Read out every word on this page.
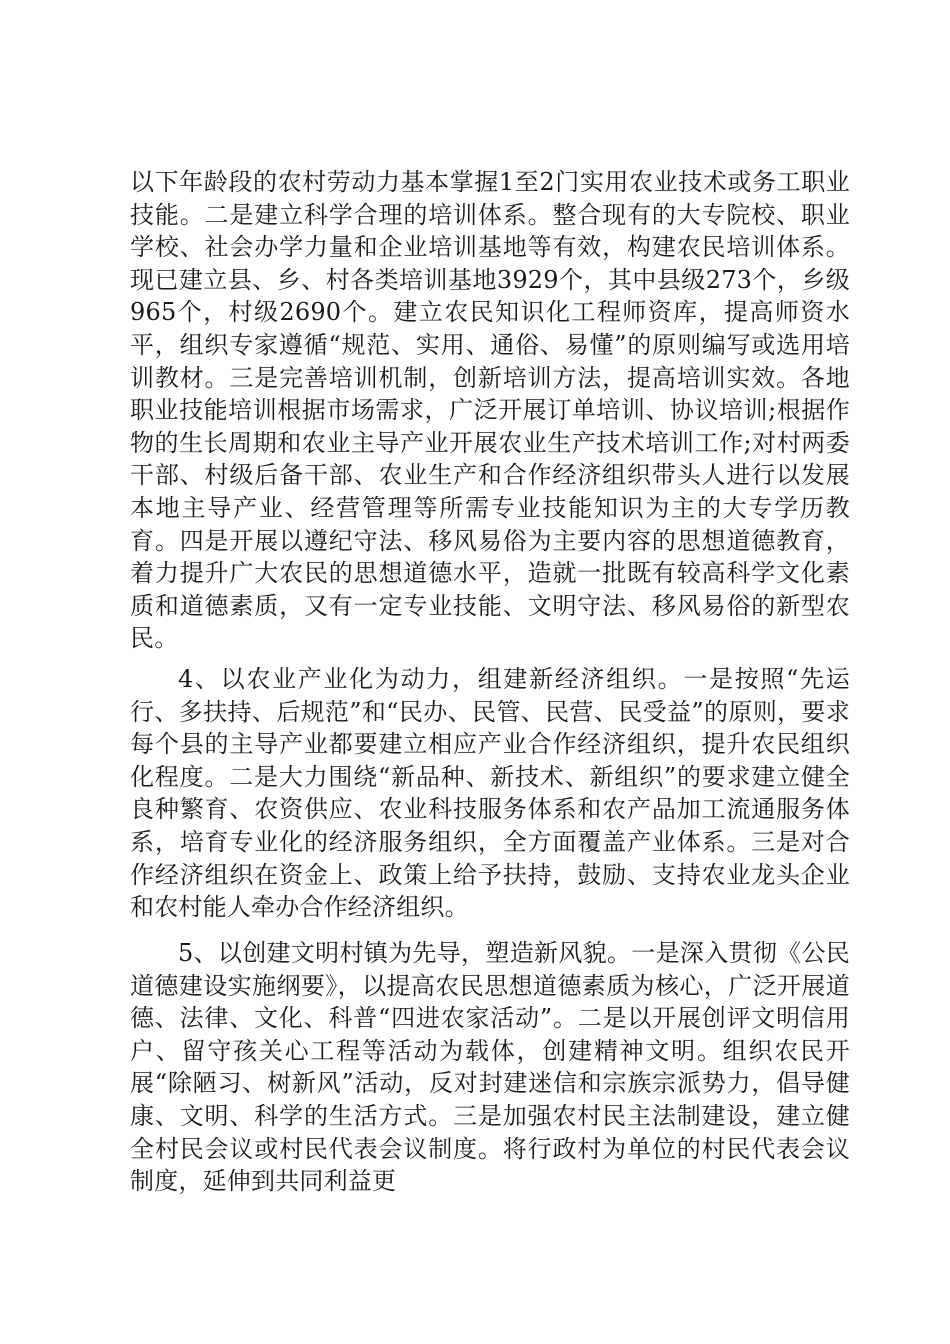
以下年龄段的农村劳动力基本掌握1至2门实用农业技术或务工职业技能。二是建立科学合理的培训体系。整合现有的大专院校、职业学校、社会办学力量和企业培训基地等有效，构建农民培训体系。现已建立县、乡、村各类培训基地3929个，其中县级273个，乡级965个，村级2690个。建立农民知识化工程师资库，提高师资水平，组织专家遵循“规范、实用、通俗、易懂”的原则编写或选用培训教材。三是完善培训机制，创新培训方法，提高培训实效。各地职业技能培训根据市场需求，广泛开展订单培训、协议培训;根据作物的生长周期和农业主导产业开展农业生产技术培训工作;对村两委干部、村级后备干部、农业生产和合作经济组织带头人进行以发展本地主导产业、经营管理等所需专业技能知识为主的大专学历教育。四是开展以遵纪守法、移风易俗为主要内容的思想道德教育，着力提升广大农民的思想道德水平，造就一批既有较高科学文化素质和道德素质，又有一定专业技能、文明守法、移风易俗的新型农民。

4、以农业产业化为动力，组建新经济组织。一是按照“先运行、多扶持、后规范”和“民办、民管、民营、民受益”的原则，要求每个县的主导产业都要建立相应产业合作经济组织，提升农民组织化程度。二是大力围绕“新品种、新技术、新组织”的要求建立健全良种繁育、农资供应、农业科技服务体系和农产品加工流通服务体系，培育专业化的经济服务组织，全方面覆盖产业体系。三是对合作经济组织在资金上、政策上给予扶持，鼓励、支持农业龙头企业和农村能人牵办合作经济组织。

5、以创建文明村镇为先导，塑造新风貌。一是深入贯彻《公民道德建设实施纲要》，以提高农民思想道德素质为核心，广泛开展道德、法律、文化、科普“四进农家活动”。二是以开展创评文明信用户、留守孩关心工程等活动为载体，创建精神文明。组织农民开展“除陋习、树新风”活动，反对封建迷信和宗族宗派势力，倡导健康、文明、科学的生活方式。三是加强农村民主法制建设，建立健全村民会议或村民代表会议制度。将行政村为单位的村民代表会议制度，延伸到共同利益更
